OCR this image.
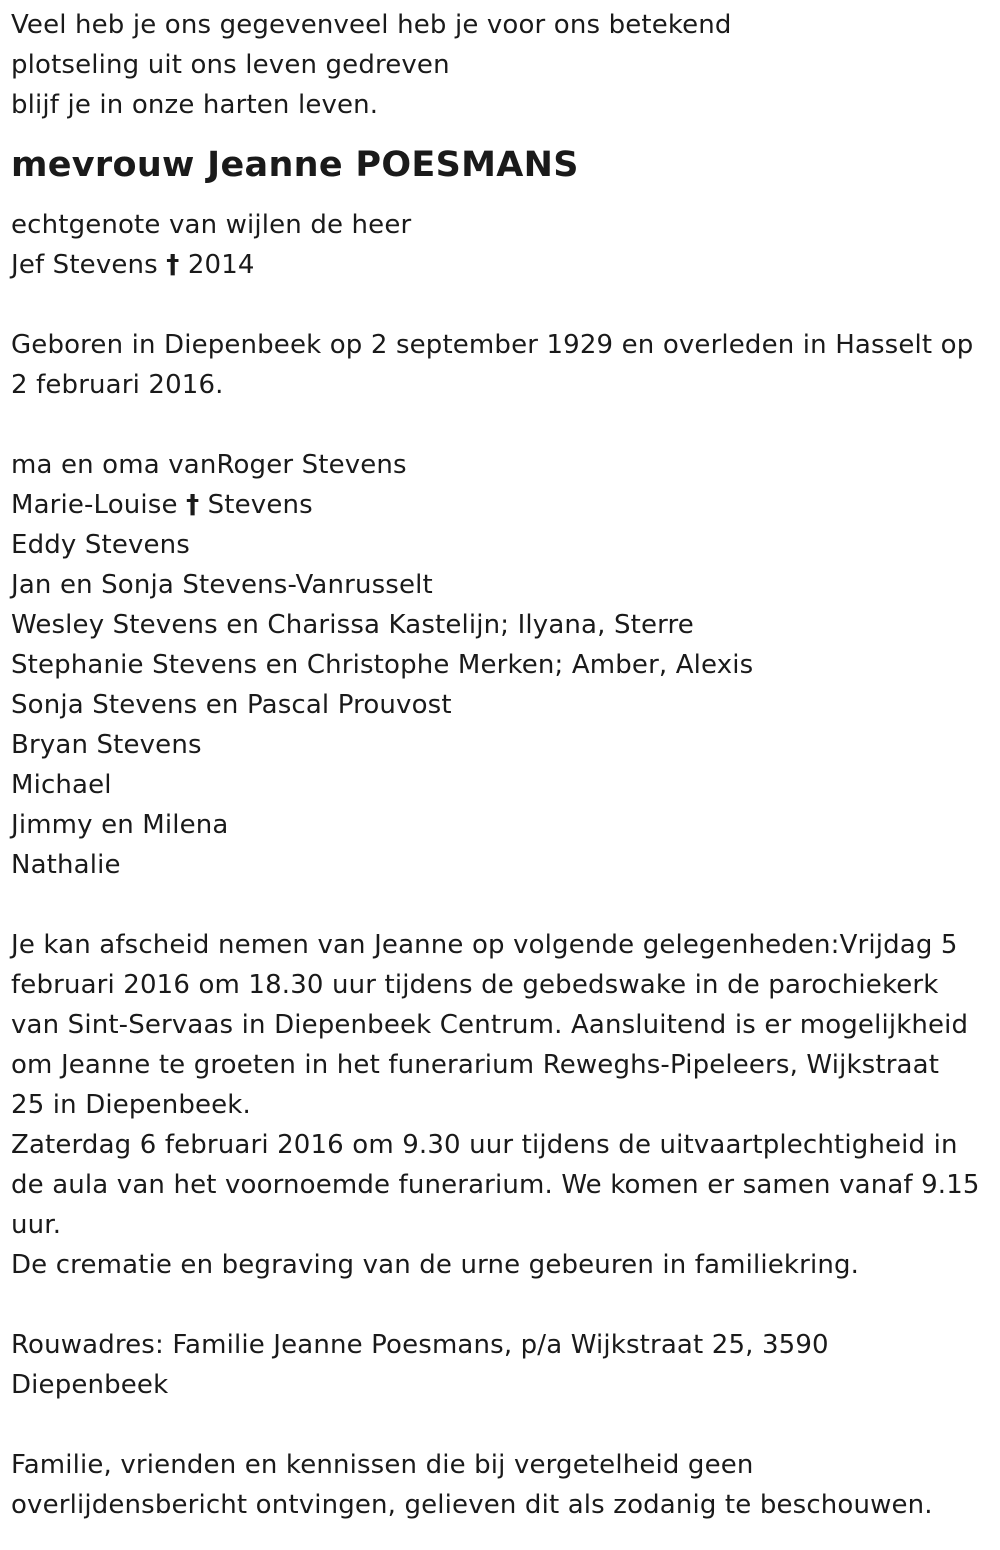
Veel heb je ons gegevenveel heb je voor ons betekend
plotseling uit ons leven gedreven
blijf je in onze harten leven.
mevrouw Jeanne POESMANS
echtgenote van wijlen de heer
Jef Stevens † 2014
Geboren in Diepenbeek op 2 september 1929 en overleden in Hasselt op
2 februari 2016.
ma en oma vanRoger Stevens
Marie-Louise † Stevens
Eddy Stevens
Jan en Sonja Stevens-Vanrusselt
Wesley Stevens en Charissa Kastelijn; Ilyana, Sterre
Stephanie Stevens en Christophe Merken; Amber, Alexis
Sonja Stevens en Pascal Prouvost
Bryan Stevens
Michael
Jimmy en Milena
Nathalie
Je kan afscheid nemen van Jeanne op volgende gelegenheden:Vrijdag 5
februari 2016 om 18.30 uur tijdens de gebedswake in de parochiekerk
van Sint-Servaas in Diepenbeek Centrum. Aansluitend is er mogelijkheid
om Jeanne te groeten in het funerarium Reweghs-Pipeleers, Wijkstraat
25 in Diepenbeek.
Zaterdag 6 februari 2016 om 9.30 uur tijdens de uitvaartplechtigheid in
de aula van het voornoemde funerarium. We komen er samen vanaf 9.15
uur.
De crematie en begraving van de urne gebeuren in familiekring.
Rouwadres: Familie Jeanne Poesmans, p/a Wijkstraat 25, 3590
Diepenbeek
Familie, vrienden en kennissen die bij vergetelheid geen
overlijdensbericht ontvingen, gelieven dit als zodanig te beschouwen.
